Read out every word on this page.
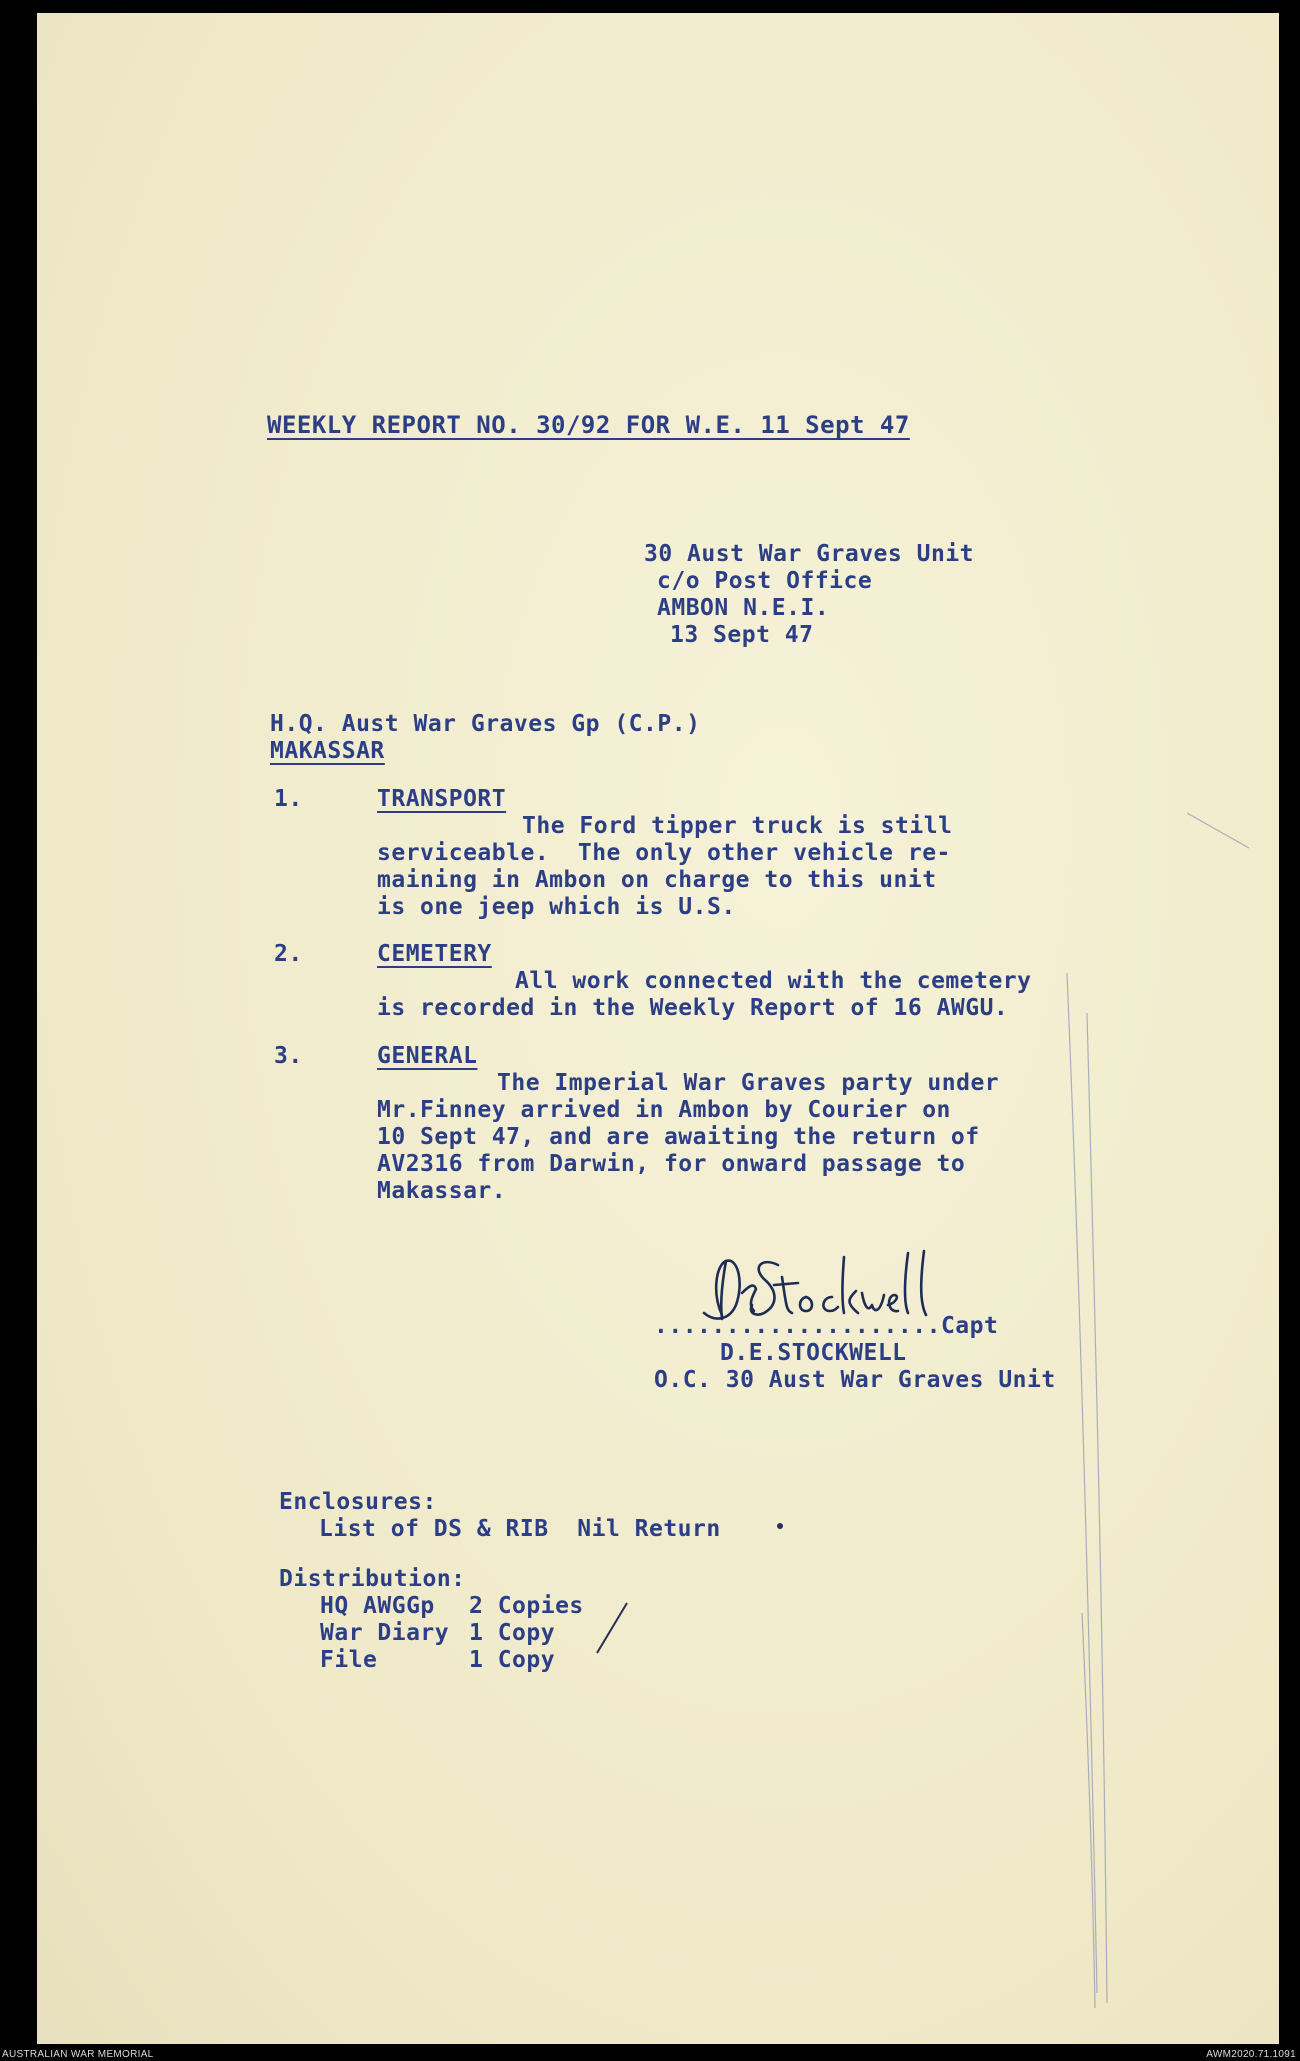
WEEKLY REPORT NO. 30/92 FOR W.E. 11 Sept 47
30 Aust War Graves Unit
c/o Post Office
AMBON N.E.I.
13 Sept 47
H.Q. Aust War Graves Gp (C.P.)
MAKASSAR
1.	TRANSPORT
The Ford tipper truck is still
serviceable.  The only other vehicle re-
maining in Ambon on charge to this unit
is one jeep which is U.S.
2.	CEMETERY
All work connected with the cemetery
is recorded in the Weekly Report of 16 AWGU.
3.	GENERAL
The Imperial War Graves party under
Mr.Finney arrived in Ambon by Courier on
10 Sept 47, and are awaiting the return of
AV2316 from Darwin, for onward passage to
Makassar.
....................Capt
D.E.STOCKWELL
O.C. 30 Aust War Graves Unit
Enclosures:
List of DS & RIB  Nil Return
Distribution:
HQ AWGGp 2 Copies
War Diary 1 Copy
File	1 Copy
AUSTRALIAN WAR MEMORIAL	AWM2020.71.1091
